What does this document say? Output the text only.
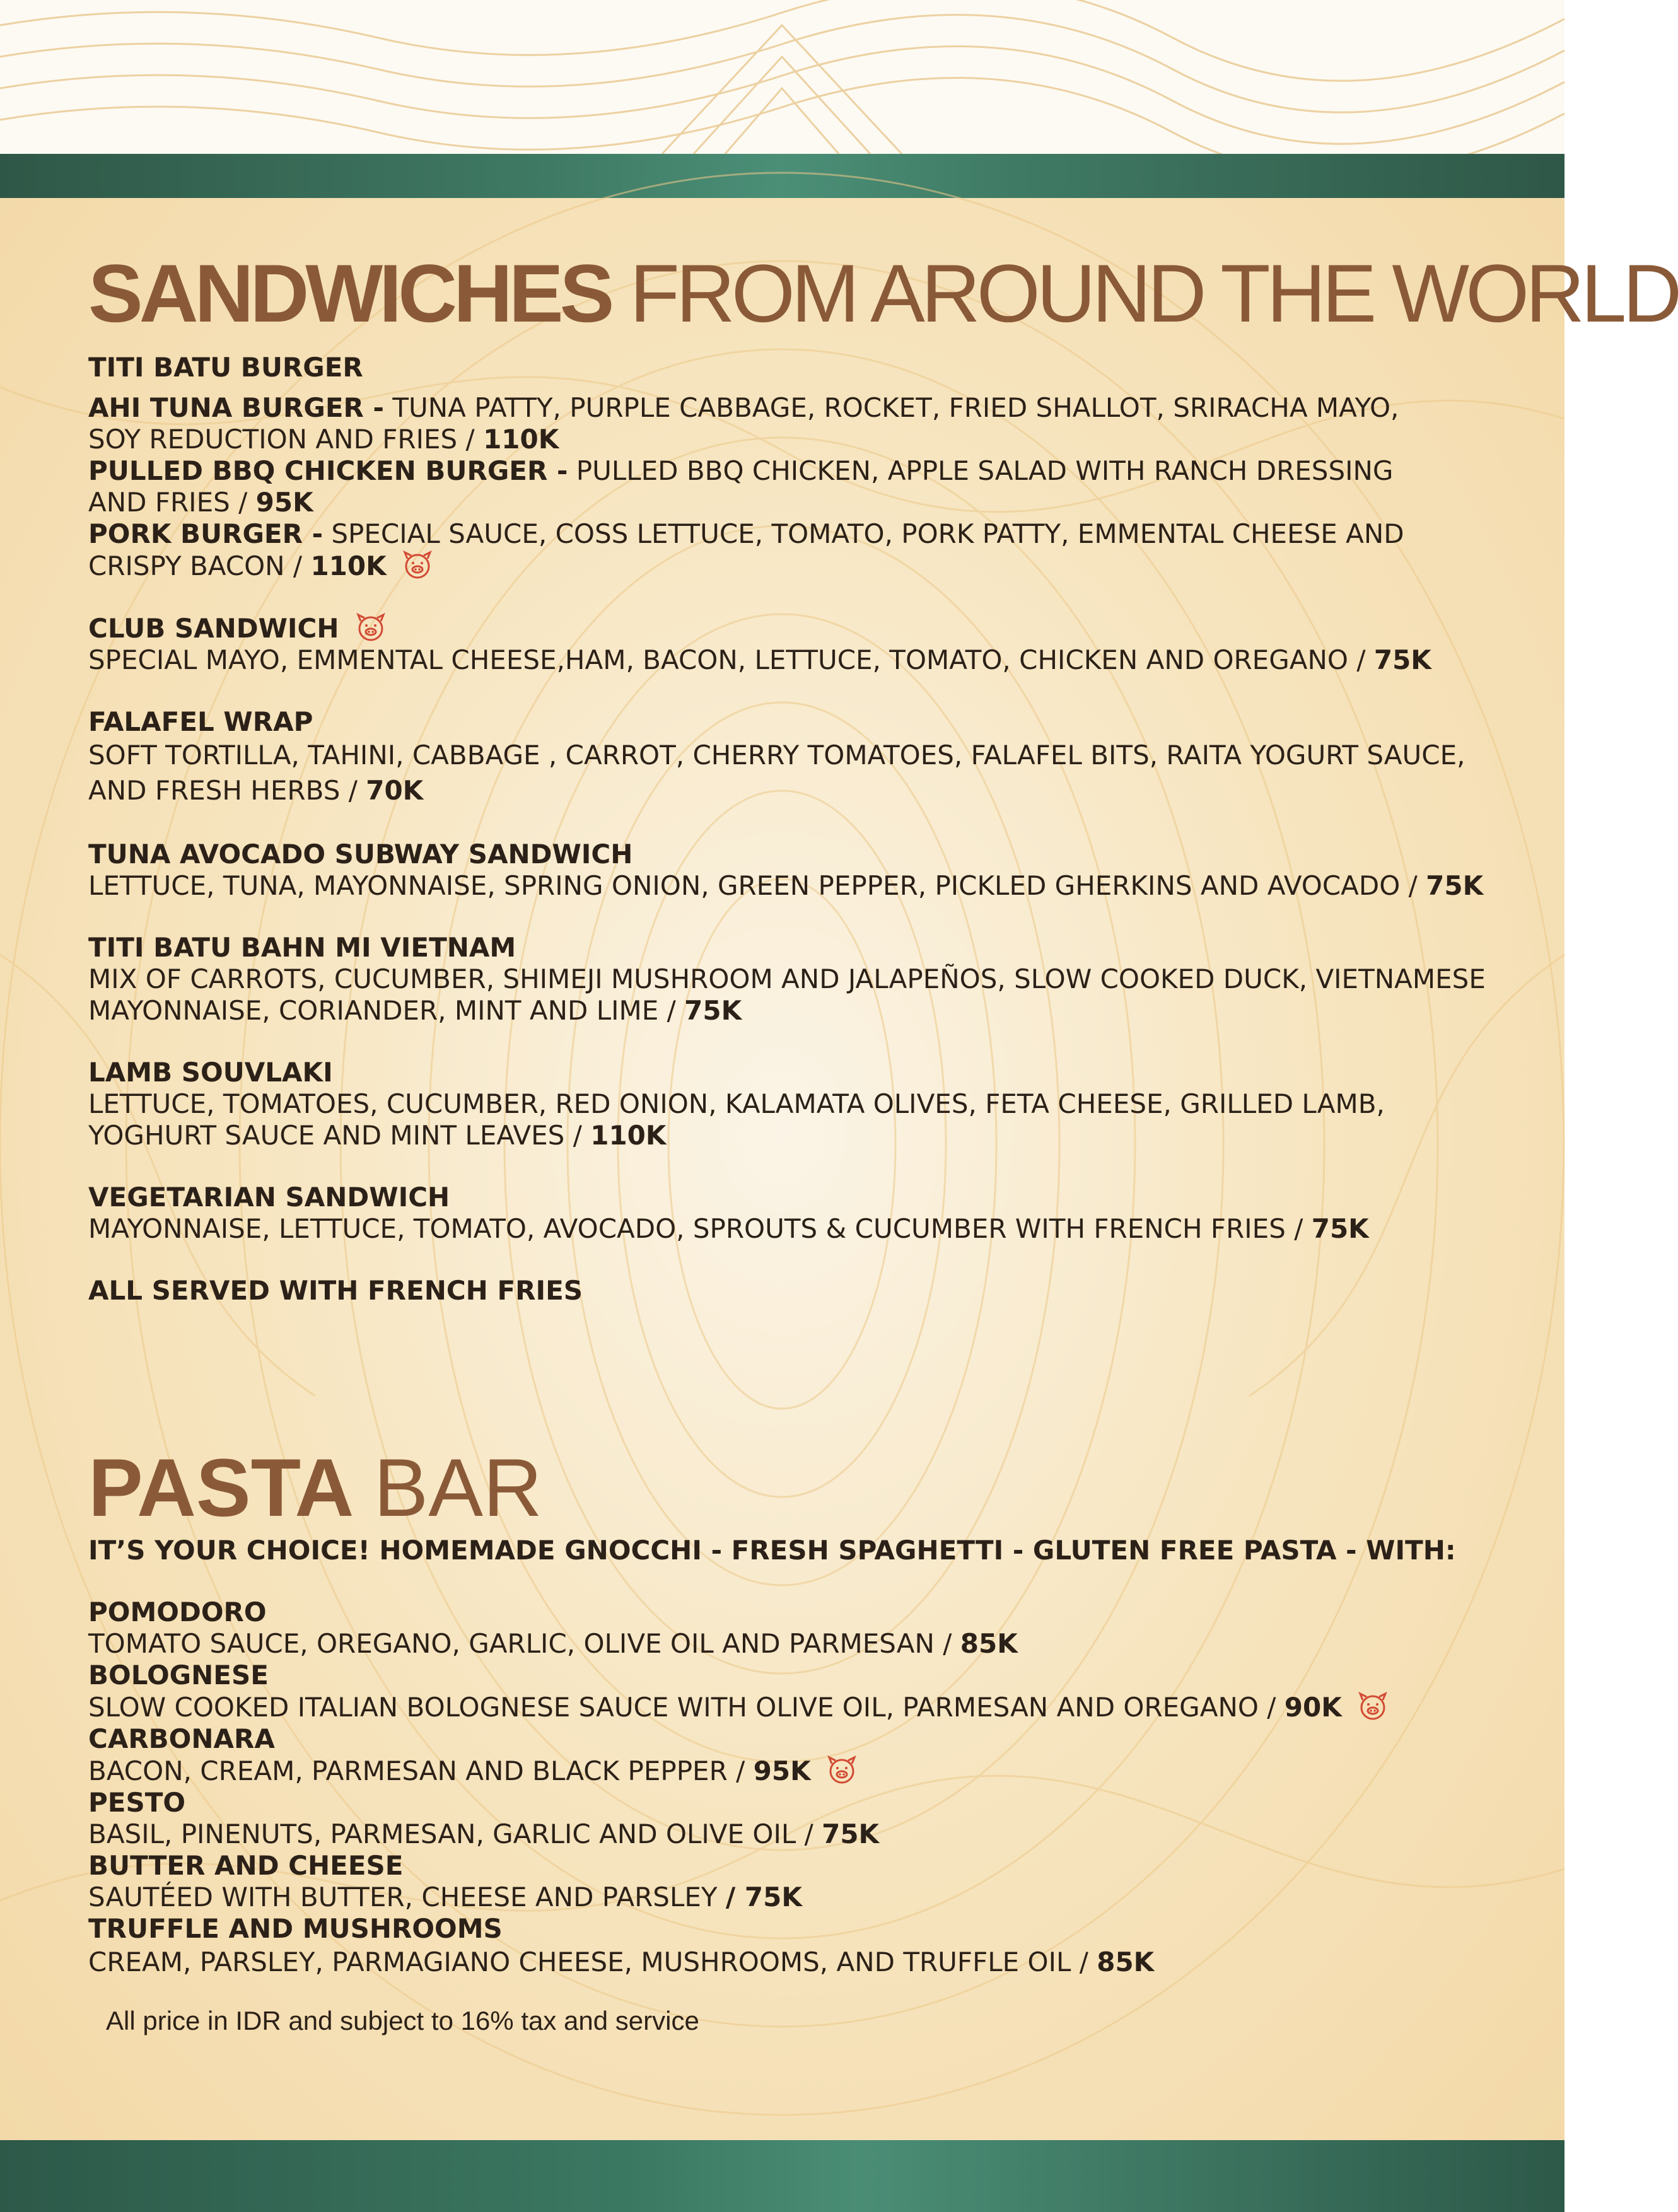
SANDWICHES FROM AROUND THE WORLD
TITI BATU BURGER
AHI TUNA BURGER - TUNA PATTY, PURPLE CABBAGE, ROCKET, FRIED SHALLOT, SRIRACHA MAYO,
SOY REDUCTION AND FRIES / 110K
PULLED BBQ CHICKEN BURGER - PULLED BBQ CHICKEN, APPLE SALAD WITH RANCH DRESSING
AND FRIES / 95K
PORK BURGER - SPECIAL SAUCE, COSS LETTUCE, TOMATO, PORK PATTY, EMMENTAL CHEESE AND
CRISPY BACON / 110K
CLUB SANDWICH
SPECIAL MAYO, EMMENTAL CHEESE,HAM, BACON, LETTUCE, TOMATO, CHICKEN AND OREGANO / 75K
FALAFEL WRAP
SOFT TORTILLA, TAHINI, CABBAGE , CARROT, CHERRY TOMATOES, FALAFEL BITS, RAITA YOGURT SAUCE,
AND FRESH HERBS / 70K
TUNA AVOCADO SUBWAY SANDWICH
LETTUCE, TUNA, MAYONNAISE, SPRING ONION, GREEN PEPPER, PICKLED GHERKINS AND AVOCADO / 75K
TITI BATU BAHN MI VIETNAM
MIX OF CARROTS, CUCUMBER, SHIMEJI MUSHROOM AND JALAPEÑOS, SLOW COOKED DUCK, VIETNAMESE
MAYONNAISE, CORIANDER, MINT AND LIME / 75K
LAMB SOUVLAKI
LETTUCE, TOMATOES, CUCUMBER, RED ONION, KALAMATA OLIVES, FETA CHEESE, GRILLED LAMB,
YOGHURT SAUCE AND MINT LEAVES / 110K
VEGETARIAN SANDWICH
MAYONNAISE, LETTUCE, TOMATO, AVOCADO, SPROUTS & CUCUMBER WITH FRENCH FRIES / 75K
ALL SERVED WITH FRENCH FRIES
PASTA BAR
IT’S YOUR CHOICE! HOMEMADE GNOCCHI - FRESH SPAGHETTI - GLUTEN FREE PASTA - WITH:
POMODORO
TOMATO SAUCE, OREGANO, GARLIC, OLIVE OIL AND PARMESAN / 85K
BOLOGNESE
SLOW COOKED ITALIAN BOLOGNESE SAUCE WITH OLIVE OIL, PARMESAN AND OREGANO / 90K
CARBONARA
BACON, CREAM, PARMESAN AND BLACK PEPPER / 95K
PESTO
BASIL, PINENUTS, PARMESAN, GARLIC AND OLIVE OIL / 75K
BUTTER AND CHEESE
SAUTÉED WITH BUTTER, CHEESE AND PARSLEY / 75K
TRUFFLE AND MUSHROOMS
CREAM, PARSLEY, PARMAGIANO CHEESE, MUSHROOMS, AND TRUFFLE OIL / 85K
All price in IDR and subject to 16% tax and service
